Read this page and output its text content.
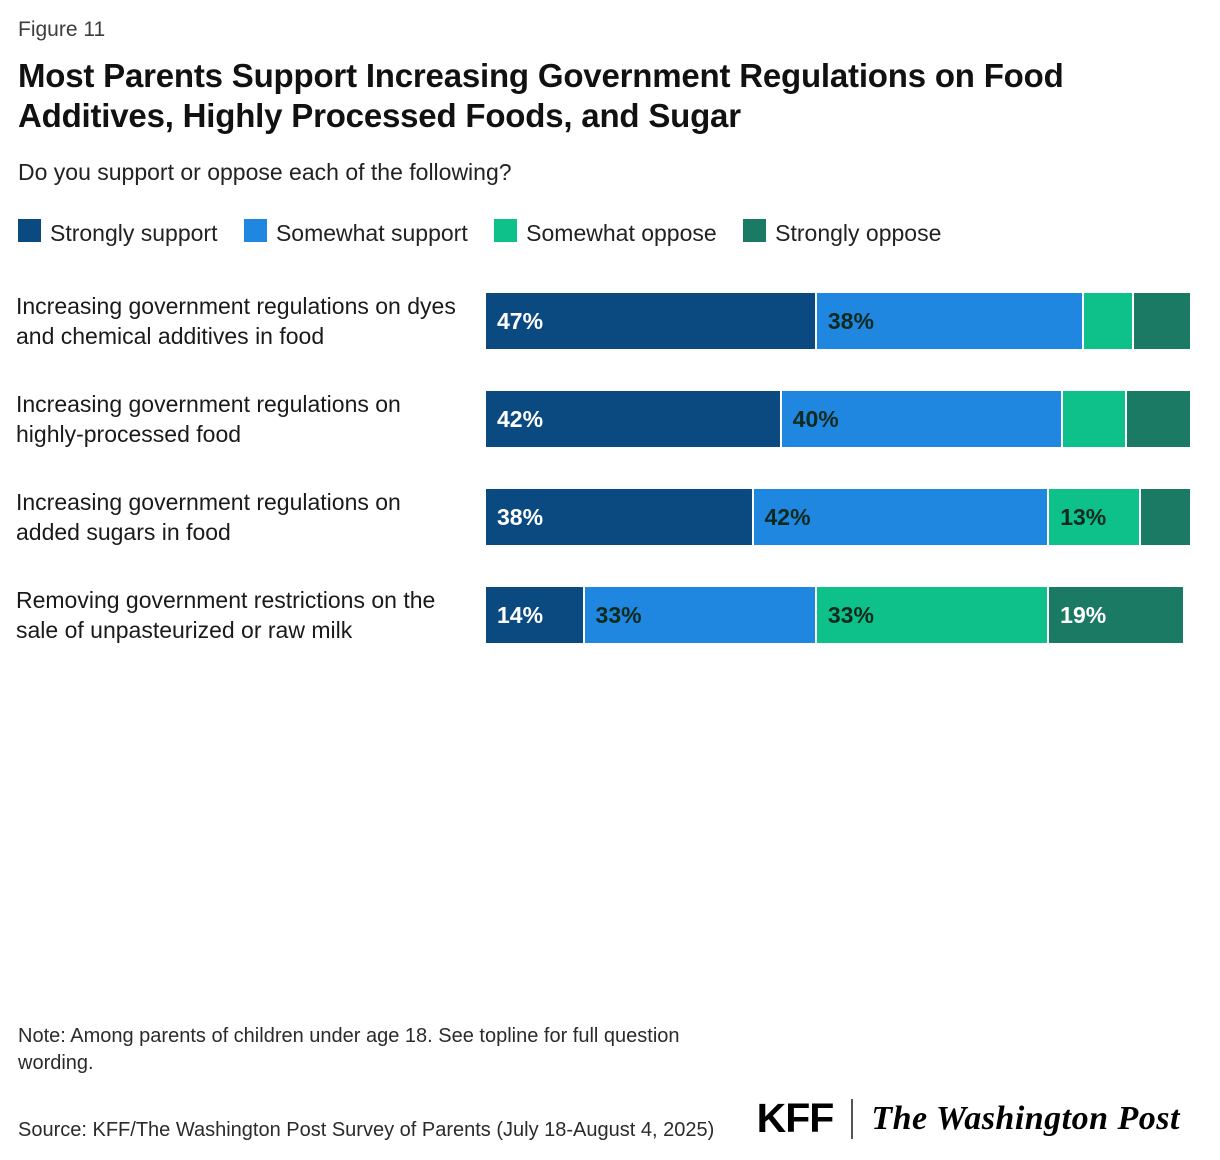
Figure 11
Most Parents Support Increasing Government Regulations on Food Additives, Highly Processed Foods, and Sugar
Do you support or oppose each of the following?
Strongly support	Somewhat support	Somewhat oppose	Strongly oppose
Increasing government regulations on dyes and chemical additives in food
47%	38%
Increasing government regulations on highly-processed food
42%	40%
Increasing government regulations on added sugars in food
38%	42%	13%
Removing government restrictions on the sale of unpasteurized or raw milk
14% 33%	33%	19%
Note: Among parents of children under age 18. See topline for full question wording.
Source: KFF/The Washington Post Survey of Parents (July 18-August 4, 2025) KFF The Washington Post
